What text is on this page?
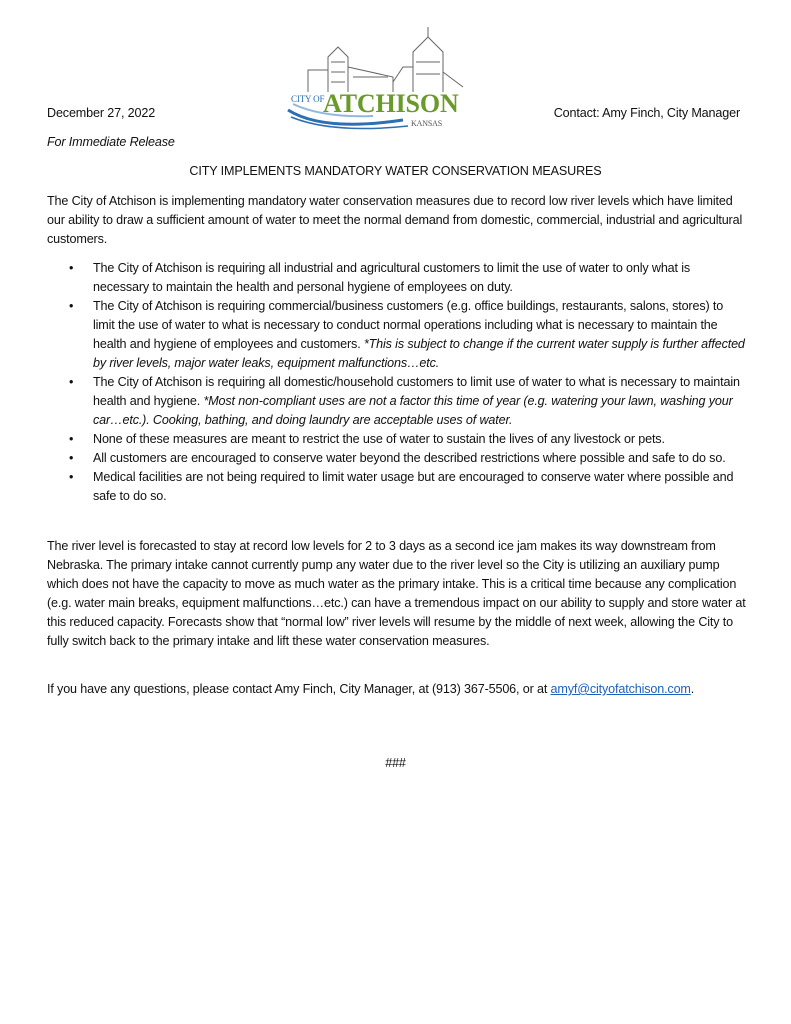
CITY OF
ATCHISON
KANSAS
December 27, 2022	Contact: Amy Finch, City Manager
For Immediate Release
CITY IMPLEMENTS MANDATORY WATER CONSERVATION MEASURES
The City of Atchison is implementing mandatory water conservation measures due to record low river levels which have limited our ability to draw a sufficient amount of water to meet the normal demand from domestic, commercial, industrial and agricultural customers.
• The City of Atchison is requiring all industrial and agricultural customers to limit the use of water to only what is necessary to maintain the health and personal hygiene of employees on duty.
• The City of Atchison is requiring commercial/business customers (e.g. office buildings, restaurants, salons, stores) to limit the use of water to what is necessary to conduct normal operations including what is necessary to maintain the health and hygiene of employees and customers. *This is subject to change if the current water supply is further affected by river levels, major water leaks, equipment malfunctions…etc.
• The City of Atchison is requiring all domestic/household customers to limit use of water to what is necessary to maintain health and hygiene. *Most non-compliant uses are not a factor this time of year (e.g. watering your lawn, washing your car…etc.). Cooking, bathing, and doing laundry are acceptable uses of water.
• None of these measures are meant to restrict the use of water to sustain the lives of any livestock or pets.
• All customers are encouraged to conserve water beyond the described restrictions where possible and safe to do so.
• Medical facilities are not being required to limit water usage but are encouraged to conserve water where possible and safe to do so.
The river level is forecasted to stay at record low levels for 2 to 3 days as a second ice jam makes its way downstream from Nebraska. The primary intake cannot currently pump any water due to the river level so the City is utilizing an auxiliary pump which does not have the capacity to move as much water as the primary intake. This is a critical time because any complication (e.g. water main breaks, equipment malfunctions…etc.) can have a tremendous impact on our ability to supply and store water at this reduced capacity. Forecasts show that “normal low” river levels will resume by the middle of next week, allowing the City to fully switch back to the primary intake and lift these water conservation measures.
If you have any questions, please contact Amy Finch, City Manager, at (913) 367-5506, or at amyf@cityofatchison.com.
###
